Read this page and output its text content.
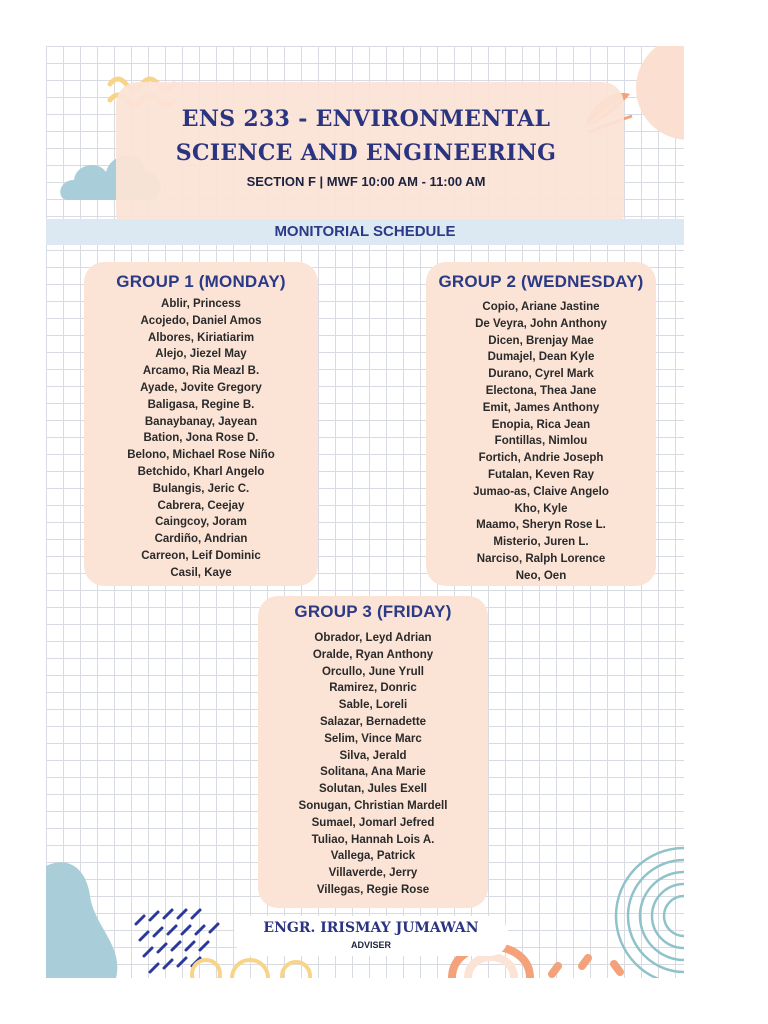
ENS 233 - ENVIRONMENTAL
SCIENCE AND ENGINEERING
SECTION F | MWF 10:00 AM - 11:00 AM
MONITORIAL SCHEDULE
GROUP 1 (MONDAY)
Ablir, Princess
Acojedo, Daniel Amos
Albores, Kiriatiarim
Alejo, Jiezel May
Arcamo, Ria Meazl B.
Ayade, Jovite Gregory
Baligasa, Regine B.
Banaybanay, Jayean
Bation, Jona Rose D.
Belono, Michael Rose Niño
Betchido, Kharl Angelo
Bulangis, Jeric C.
Cabrera, Ceejay
Caingcoy, Joram
Cardiño, Andrian
Carreon, Leif Dominic
Casil, Kaye
GROUP 2 (WEDNESDAY)
Copio, Ariane Jastine
De Veyra, John Anthony
Dicen, Brenjay Mae
Dumajel, Dean Kyle
Durano, Cyrel Mark
Electona, Thea Jane
Emit, James Anthony
Enopia, Rica Jean
Fontillas, Nimlou
Fortich, Andrie Joseph
Futalan, Keven Ray
Jumao-as, Claive Angelo
Kho, Kyle
Maamo, Sheryn Rose L.
Misterio, Juren L.
Narciso, Ralph Lorence
Neo, Oen
GROUP 3 (FRIDAY)
Obrador, Leyd Adrian
Oralde, Ryan Anthony
Orcullo, June Yrull
Ramirez, Donric
Sable, Loreli
Salazar, Bernadette
Selim, Vince Marc
Silva, Jerald
Solitana, Ana Marie
Solutan, Jules Exell
Sonugan, Christian Mardell
Sumael, Jomarl Jefred
Tuliao, Hannah Lois A.
Vallega, Patrick
Villaverde, Jerry
Villegas, Regie Rose
ENGR. IRISMAY JUMAWAN
ADVISER
